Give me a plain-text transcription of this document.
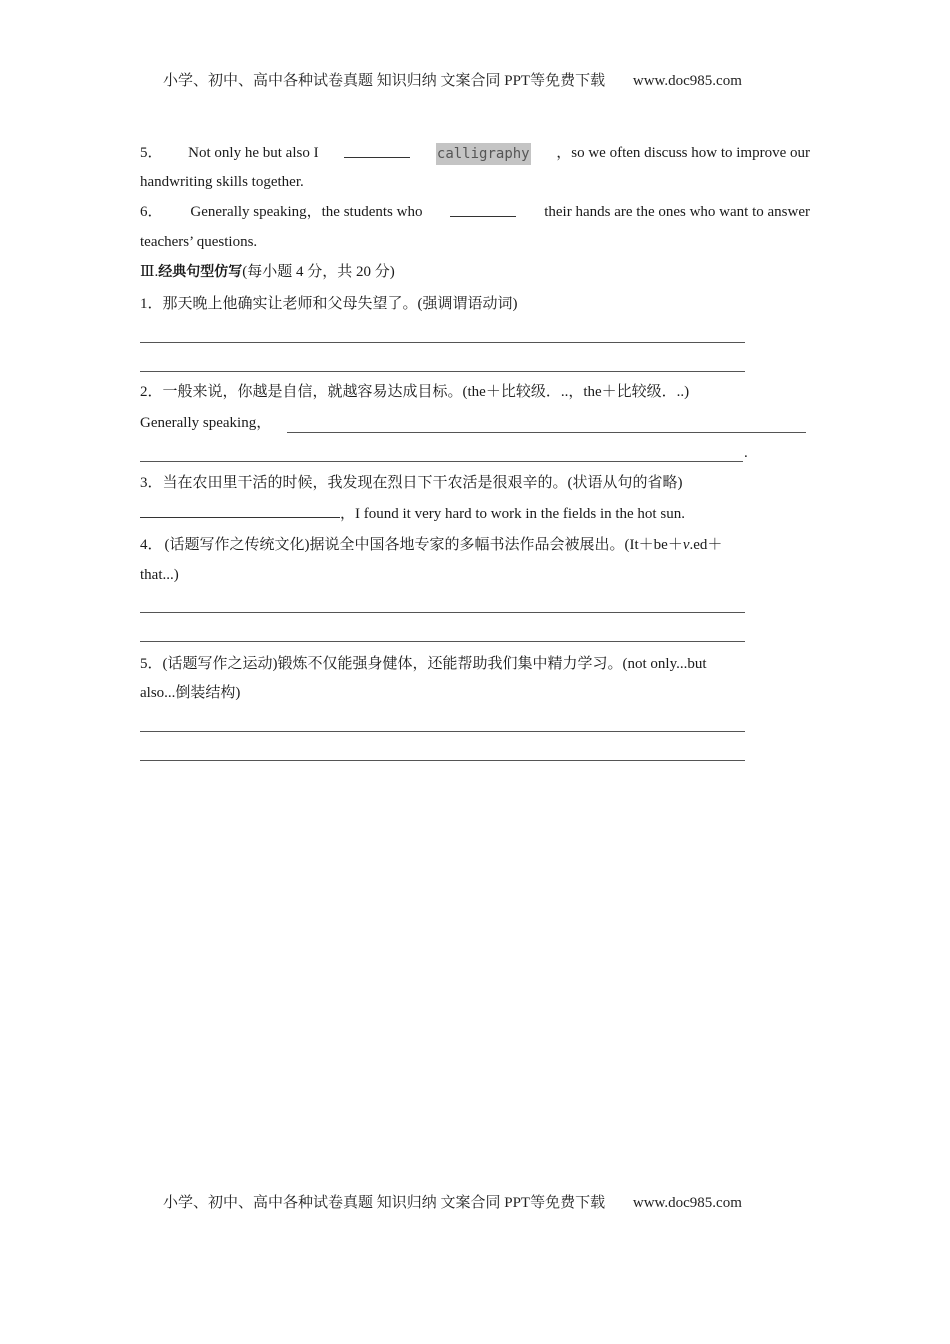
小学、初中、高中各种试卷真题 知识归纳 文案合同 PPT等免费下载 www.doc985.com
5． Not only he but also I	calligraphy ，so we often discuss how to improve our
handwriting skills together.
6． Generally speaking，the students who	their hands are the ones who want to answer
teachers’ questions.
Ⅲ.经典句型仿写(每小题 4 分，共 20 分)
1．那天晚上他确实让老师和父母失望了。(强调谓语动词)
2．一般来说，你越是自信，就越容易达成目标。(the＋比较级．..，the＋比较级．..)
Generally speaking，
.
3．当在农田里干活的时候，我发现在烈日下干农活是很艰辛的。(状语从句的省略)
，I found it very hard to work in the fields in the hot sun.
4． (话题写作之传统文化)据说全中国各地专家的多幅书法作品会被展出。(It＋be＋v.ed＋
that...)
5．(话题写作之运动)锻炼不仅能强身健体，还能帮助我们集中精力学习。(not only...but
also...倒装结构)
小学、初中、高中各种试卷真题 知识归纳 文案合同 PPT等免费下载 www.doc985.com
